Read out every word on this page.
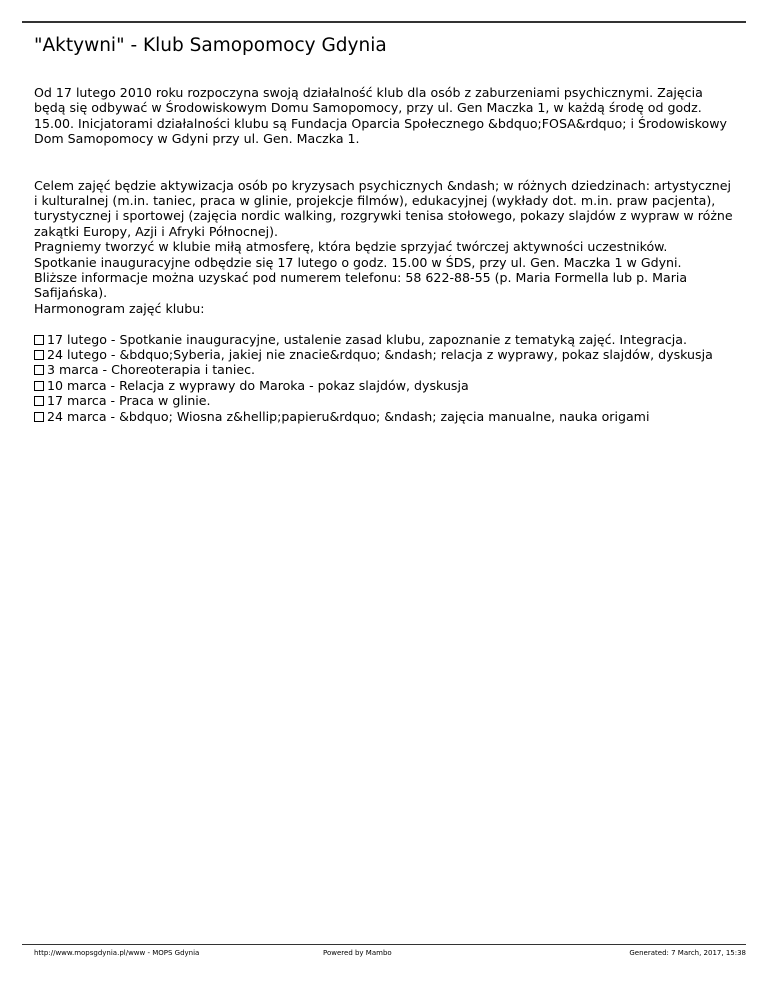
"Aktywni" - Klub Samopomocy Gdynia

Od 17 lutego 2010 roku rozpoczyna swoją działalność klub dla osób z zaburzeniami psychicznymi. Zajęcia będą się odbywać w Środowiskowym Domu Samopomocy, przy ul. Gen Maczka 1, w każdą środę od godz. 15.00. Inicjatorami działalności klubu są Fundacja Oparcia Społecznego &bdquo;FOSA&rdquo; i Środowiskowy Dom Samopomocy w Gdyni przy ul. Gen. Maczka 1.

Celem zajęć będzie aktywizacja osób po kryzysach psychicznych &ndash; w różnych dziedzinach: artystycznej i kulturalnej (m.in. taniec, praca w glinie, projekcje filmów), edukacyjnej (wykłady dot. m.in. praw pacjenta), turystycznej i sportowej (zajęcia nordic walking, rozgrywki tenisa stołowego, pokazy slajdów z wypraw w różne zakątki Europy, Azji i Afryki Północnej).

Pragniemy tworzyć w klubie miłą atmosferę, która będzie sprzyjać twórczej aktywności uczestników.

Spotkanie inauguracyjne odbędzie się 17 lutego o godz. 15.00 w ŚDS, przy ul. Gen. Maczka 1 w Gdyni.

Bliższe informacje można uzyskać pod numerem telefonu: 58 622-88-55 (p. Maria Formella lub p. Maria Safijańska).

Harmonogram zajęć klubu:

17 lutego - Spotkanie inauguracyjne, ustalenie zasad klubu, zapoznanie z tematyką zajęć. Integracja.

24 lutego - &bdquo;Syberia, jakiej nie znacie&rdquo; &ndash; relacja z wyprawy, pokaz slajdów, dyskusja

3 marca - Choreoterapia i taniec.

10 marca - Relacja z wyprawy do Maroka - pokaz slajdów, dyskusja

17 marca - Praca w glinie.

24 marca - &bdquo; Wiosna z&hellip;papieru&rdquo; &ndash; zajęcia manualne, nauka origami

http://www.mopsgdynia.pl/www - MOPS Gdynia	Powered by Mambo	Generated: 7 March, 2017, 15:38
